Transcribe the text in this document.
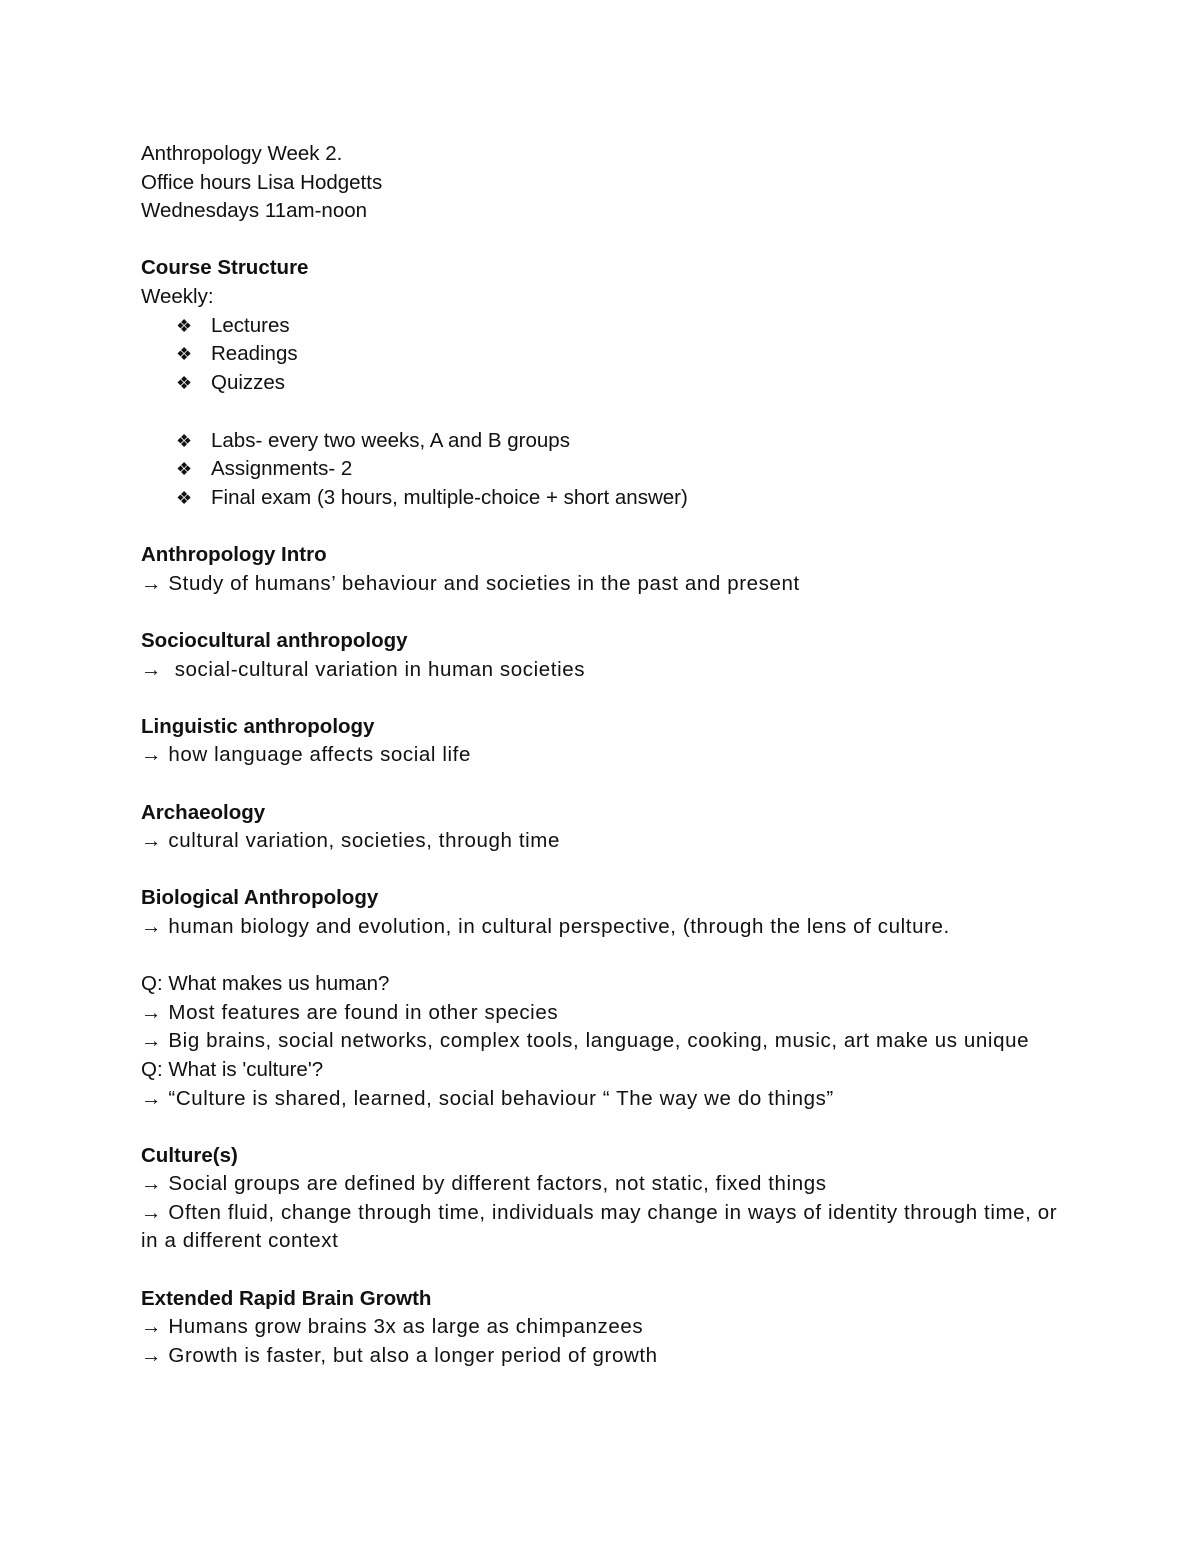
Anthropology Week 2.

Office hours Lisa Hodgetts

Wednesdays 11am-noon

Course Structure

Weekly:

❖ Lectures
❖ Readings
❖ Quizzes
❖ Labs- every two weeks, A and B groups
❖ Assignments- 2
❖ Final exam (3 hours, multiple-choice + short answer)

Anthropology Intro

→ Study of humans’ behaviour and societies in the past and present

Sociocultural anthropology

→  social-cultural variation in human societies

Linguistic anthropology

→ how language affects social life

Archaeology

→ cultural variation, societies, through time

Biological Anthropology

→ human biology and evolution, in cultural perspective, (through the lens of culture.

Q: What makes us human?

→ Most features are found in other species

→ Big brains, social networks, complex tools, language, cooking, music, art make us unique

Q: What is 'culture'?

→ “Culture is shared, learned, social behaviour “ The way we do things”

Culture(s)

→ Social groups are defined by different factors, not static, fixed things

→ Often fluid, change through time, individuals may change in ways of identity through time, or in a different context

Extended Rapid Brain Growth

→ Humans grow brains 3x as large as chimpanzees

→ Growth is faster, but also a longer period of growth
